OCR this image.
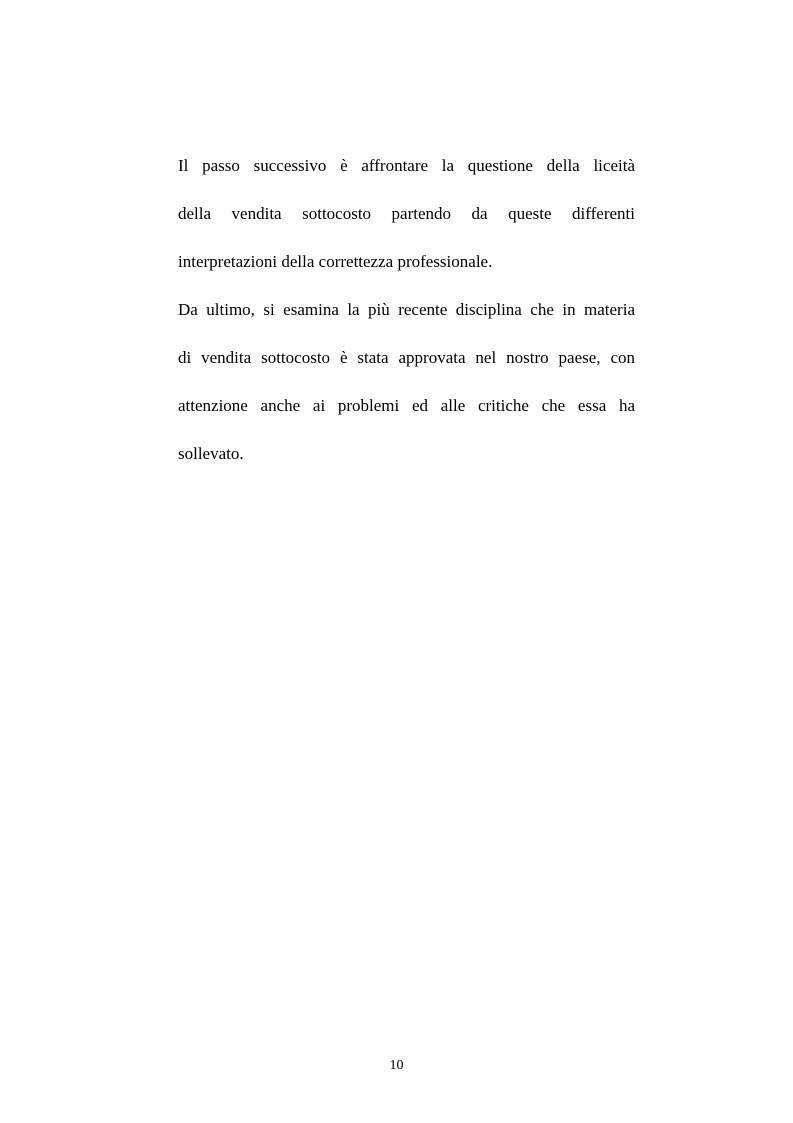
Il passo successivo è affrontare la questione della liceità
della vendita sottocosto partendo da queste differenti
interpretazioni della correttezza professionale.

Da ultimo, si esamina la più recente disciplina che in materia
di vendita sottocosto è stata approvata nel nostro paese, con
attenzione anche ai problemi ed alle critiche che essa ha
sollevato.

10
